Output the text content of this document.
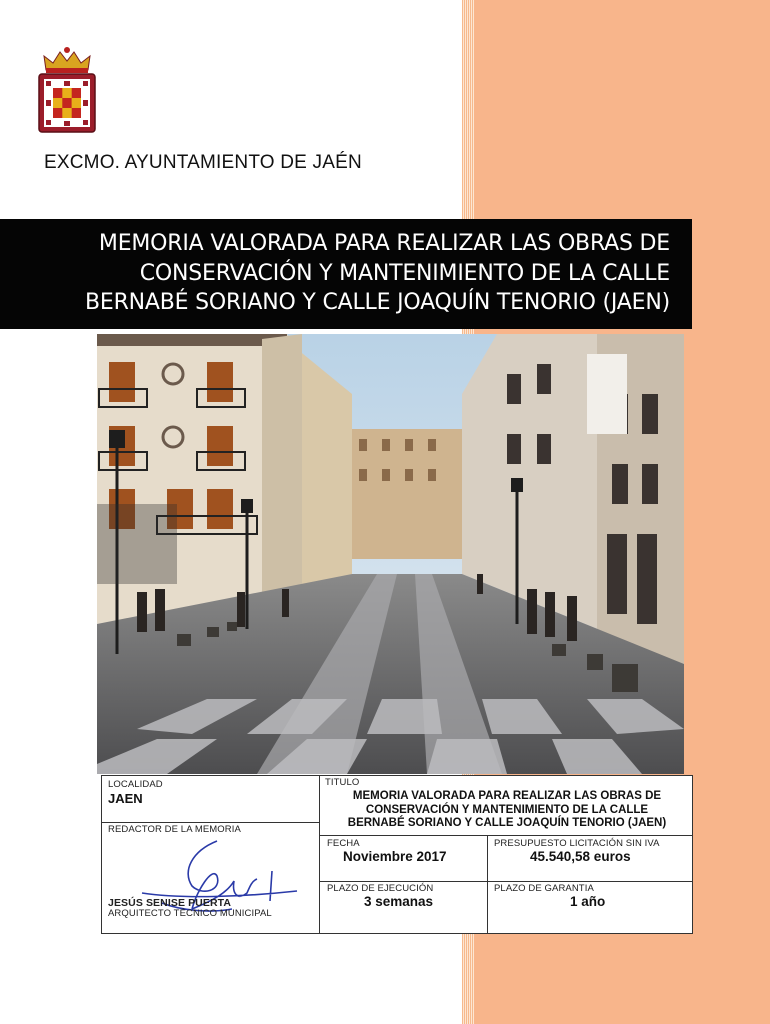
EXCMO. AYUNTAMIENTO DE JAÉN
MEMORIA VALORADA PARA REALIZAR LAS OBRAS DE
CONSERVACIÓN Y MANTENIMIENTO DE LA CALLE
BERNABÉ SORIANO Y CALLE JOAQUÍN TENORIO (JAEN)
LOCALIDAD
JAEN
REDACTOR DE LA MEMORIA
JESÚS SENISE PUERTA
ARQUITECTO TÉCNICO MUNICIPAL
TITULO
MEMORIA VALORADA PARA REALIZAR LAS OBRAS DE
CONSERVACIÓN Y MANTENIMIENTO DE LA CALLE
BERNABÉ SORIANO Y CALLE JOAQUÍN TENORIO (JAEN)
FECHA
Noviembre 2017
PRESUPUESTO LICITACIÓN SIN IVA
45.540,58 euros
PLAZO DE EJECUCIÓN
3 semanas
PLAZO DE GARANTIA
1 año
